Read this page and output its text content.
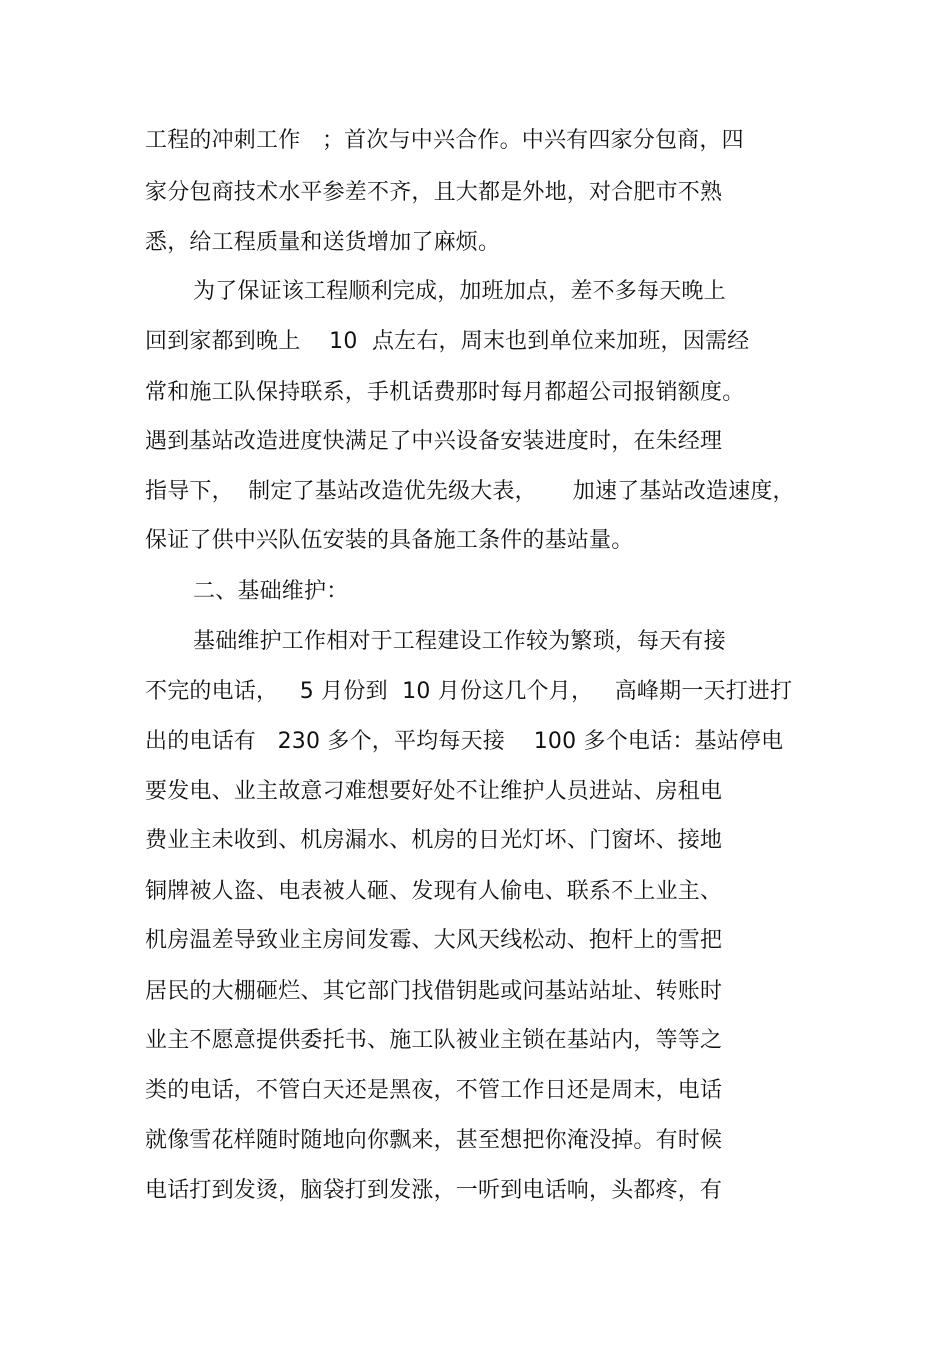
工程的冲刺工作   ；首次与中兴合作。中兴有四家分包商，四
家分包商技术水平参差不齐，且大都是外地，对合肥市不熟
悉，给工程质量和送货增加了麻烦。
为了保证该工程顺利完成，加班加点，差不多每天晚上
回到家都到晚上    10  点左右，周末也到单位来加班，因需经
常和施工队保持联系，手机话费那时每月都超公司报销额度。
遇到基站改造进度快满足了中兴设备安装进度时，在朱经理
指导下，  制定了基站改造优先级大表，     加速了基站改造速度，
保证了供中兴队伍安装的具备施工条件的基站量。
二、基础维护：
基础维护工作相对于工程建设工作较为繁琐，每天有接
不完的电话，   5 月份到  10 月份这几个月，   高峰期一天打进打
出的电话有   230 多个，平均每天接    100 多个电话：基站停电
要发电、业主故意刁难想要好处不让维护人员进站、房租电
费业主未收到、机房漏水、机房的日光灯坏、门窗坏、接地
铜牌被人盗、电表被人砸、发现有人偷电、联系不上业主、
机房温差导致业主房间发霉、大风天线松动、抱杆上的雪把
居民的大棚砸烂、其它部门找借钥匙或问基站站址、转账时
业主不愿意提供委托书、施工队被业主锁在基站内，等等之
类的电话，不管白天还是黑夜，不管工作日还是周末，电话
就像雪花样随时随地向你飘来，甚至想把你淹没掉。有时候
电话打到发烫，脑袋打到发涨，一听到电话响，头都疼，有
